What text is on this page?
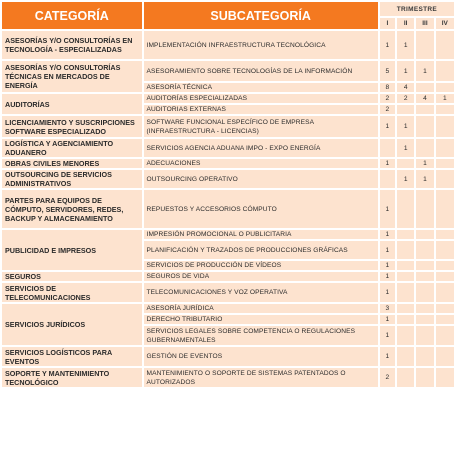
CATEGORÍA	SUBCATEGORÍA	TRIMESTRE			
		I	II	III	IV
ASESORÍAS Y/O CONSULTORÍAS EN TECNOLOGÍA - ESPECIALIZADAS	IMPLEMENTACIÓN INFRAESTRUCTURA TECNOLÓGICA	1	1		
ASESORÍAS Y/O CONSULTORÍAS TÉCNICAS EN MERCADOS DE ENERGÍA	ASESORAMIENTO SOBRE TECNOLOGÍAS DE LA INFORMACIÓN	5	1	1	
	ASESORÍA TÉCNICA	8	4		
AUDITORÍAS	AUDITORÍAS ESPECIALIZADAS	2	2	4	1
	AUDITORIAS EXTERNAS	2			
LICENCIAMIENTO Y SUSCRIPCIONES SOFTWARE ESPECIALIZADO	SOFTWARE FUNCIONAL ESPECÍFICO DE EMPRESA (INFRAESTRUCTURA - LICENCIAS)	1	1		
LOGÍSTICA Y AGENCIAMIENTO ADUANERO	SERVICIOS AGENCIA ADUANA IMPO - EXPO ENERGÍA		1		
OBRAS CIVILES MENORES	ADECUACIONES	1		1	
OUTSOURCING DE SERVICIOS ADMINISTRATIVOS	OUTSOURCING OPERATIVO		1	1	
PARTES PARA EQUIPOS DE CÓMPUTO, SERVIDORES, REDES, BACKUP Y ALMACENAMIENTO	REPUESTOS Y ACCESORIOS CÓMPUTO	1			
PUBLICIDAD E IMPRESOS	IMPRESIÓN PROMOCIONAL O PUBLICITARIA	1			
	PLANIFICACIÓN Y TRAZADOS DE PRODUCCIONES GRÁFICAS	1			
	SERVICIOS DE PRODUCCIÓN DE VÍDEOS	1			
SEGUROS	SEGUROS DE VIDA	1			
SERVICIOS DE TELECOMUNICACIONES	TELECOMUNICACIONES Y VOZ OPERATIVA	1			
SERVICIOS JURÍDICOS	ASESORÍA JURÍDICA	3			
	DERECHO TRIBUTARIO	1			
	SERVICIOS LEGALES SOBRE COMPETENCIA O REGULACIONES GUBERNAMENTALES	1			
SERVICIOS LOGÍSTICOS PARA EVENTOS	GESTIÓN DE EVENTOS	1			
SOPORTE Y MANTENIMIENTO TECNOLÓGICO	MANTENIMIENTO O SOPORTE DE SISTEMAS PATENTADOS O AUTORIZADOS	2			
